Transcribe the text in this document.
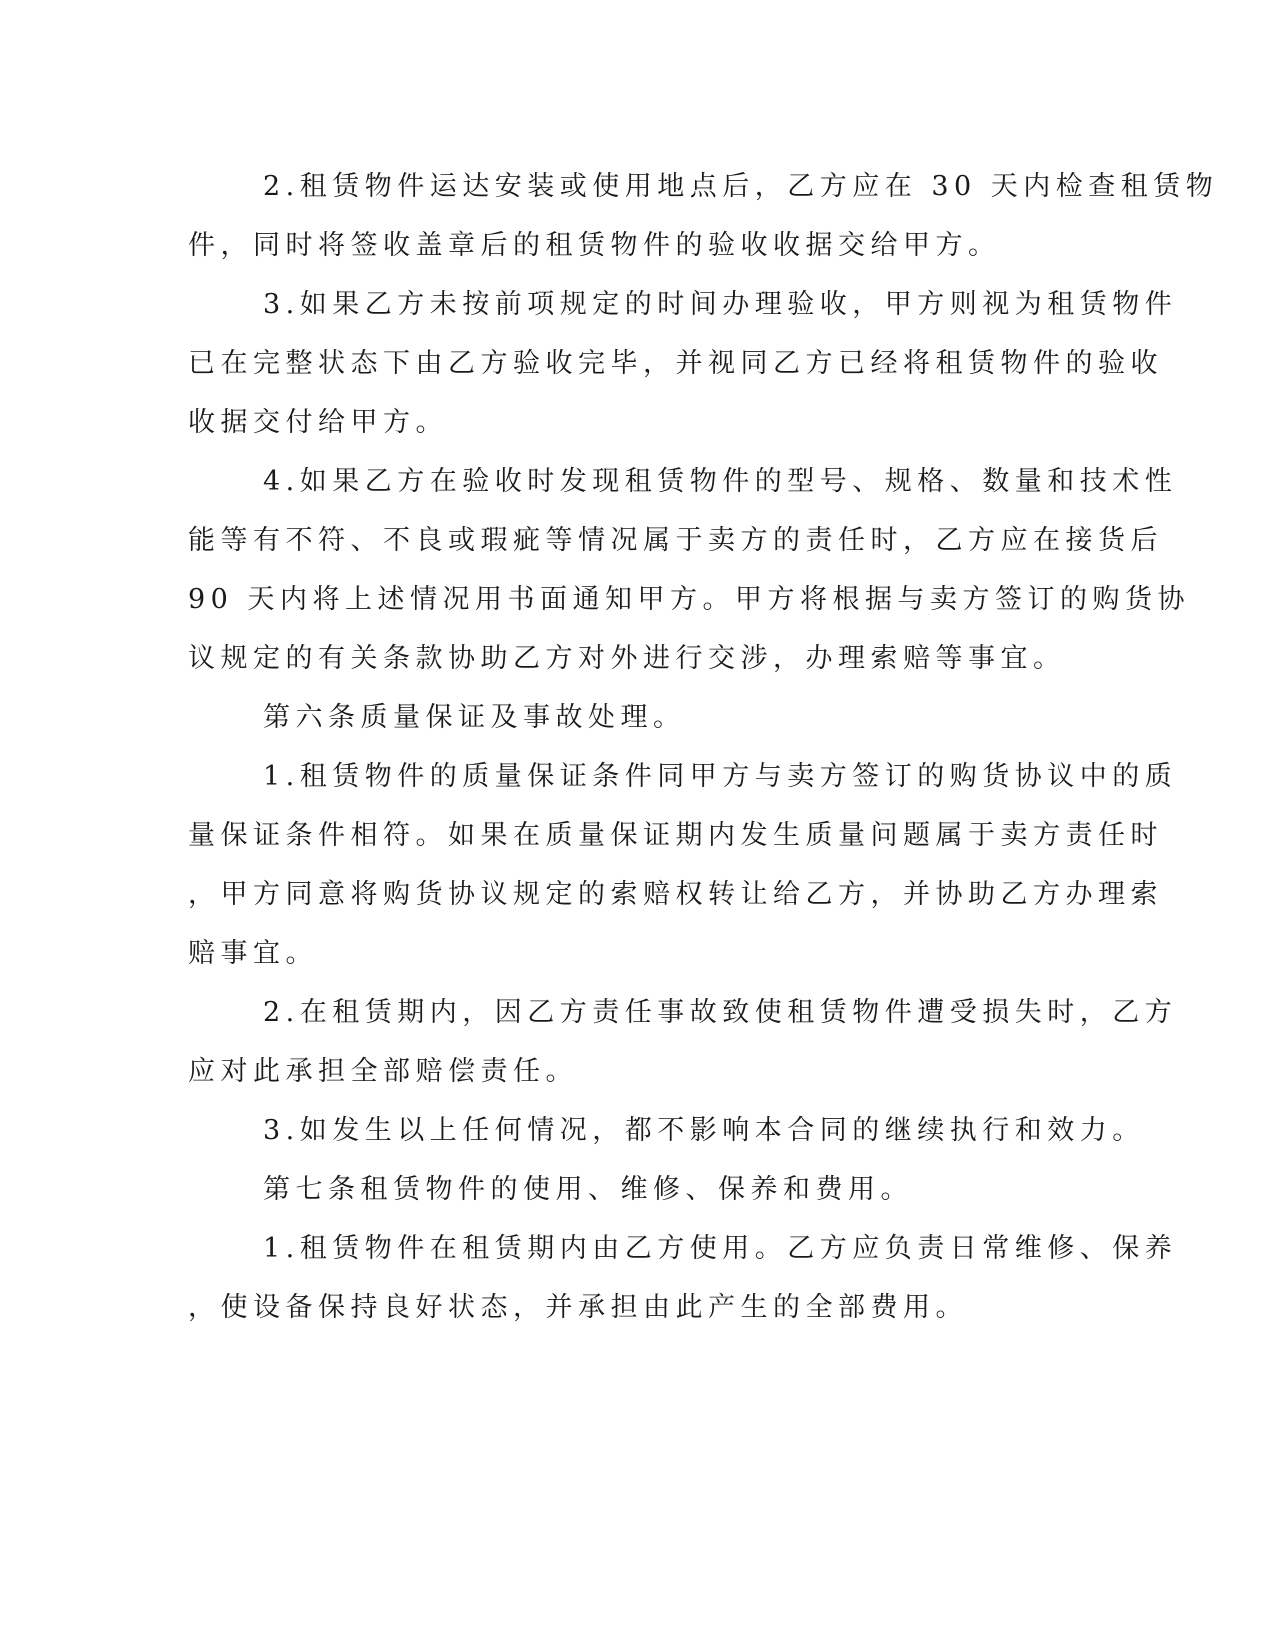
2.租赁物件运达安装或使用地点后，乙方应在 30 天内检查租赁物
件，同时将签收盖章后的租赁物件的验收收据交给甲方。
3.如果乙方未按前项规定的时间办理验收，甲方则视为租赁物件
已在完整状态下由乙方验收完毕，并视同乙方已经将租赁物件的验收
收据交付给甲方。
4.如果乙方在验收时发现租赁物件的型号、规格、数量和技术性
能等有不符、不良或瑕疵等情况属于卖方的责任时，乙方应在接货后
90 天内将上述情况用书面通知甲方。甲方将根据与卖方签订的购货协
议规定的有关条款协助乙方对外进行交涉，办理索赔等事宜。
第六条质量保证及事故处理。
1.租赁物件的质量保证条件同甲方与卖方签订的购货协议中的质
量保证条件相符。如果在质量保证期内发生质量问题属于卖方责任时
，甲方同意将购货协议规定的索赔权转让给乙方，并协助乙方办理索
赔事宜。
2.在租赁期内，因乙方责任事故致使租赁物件遭受损失时，乙方
应对此承担全部赔偿责任。
3.如发生以上任何情况，都不影响本合同的继续执行和效力。
第七条租赁物件的使用、维修、保养和费用。
1.租赁物件在租赁期内由乙方使用。乙方应负责日常维修、保养
，使设备保持良好状态，并承担由此产生的全部费用。
